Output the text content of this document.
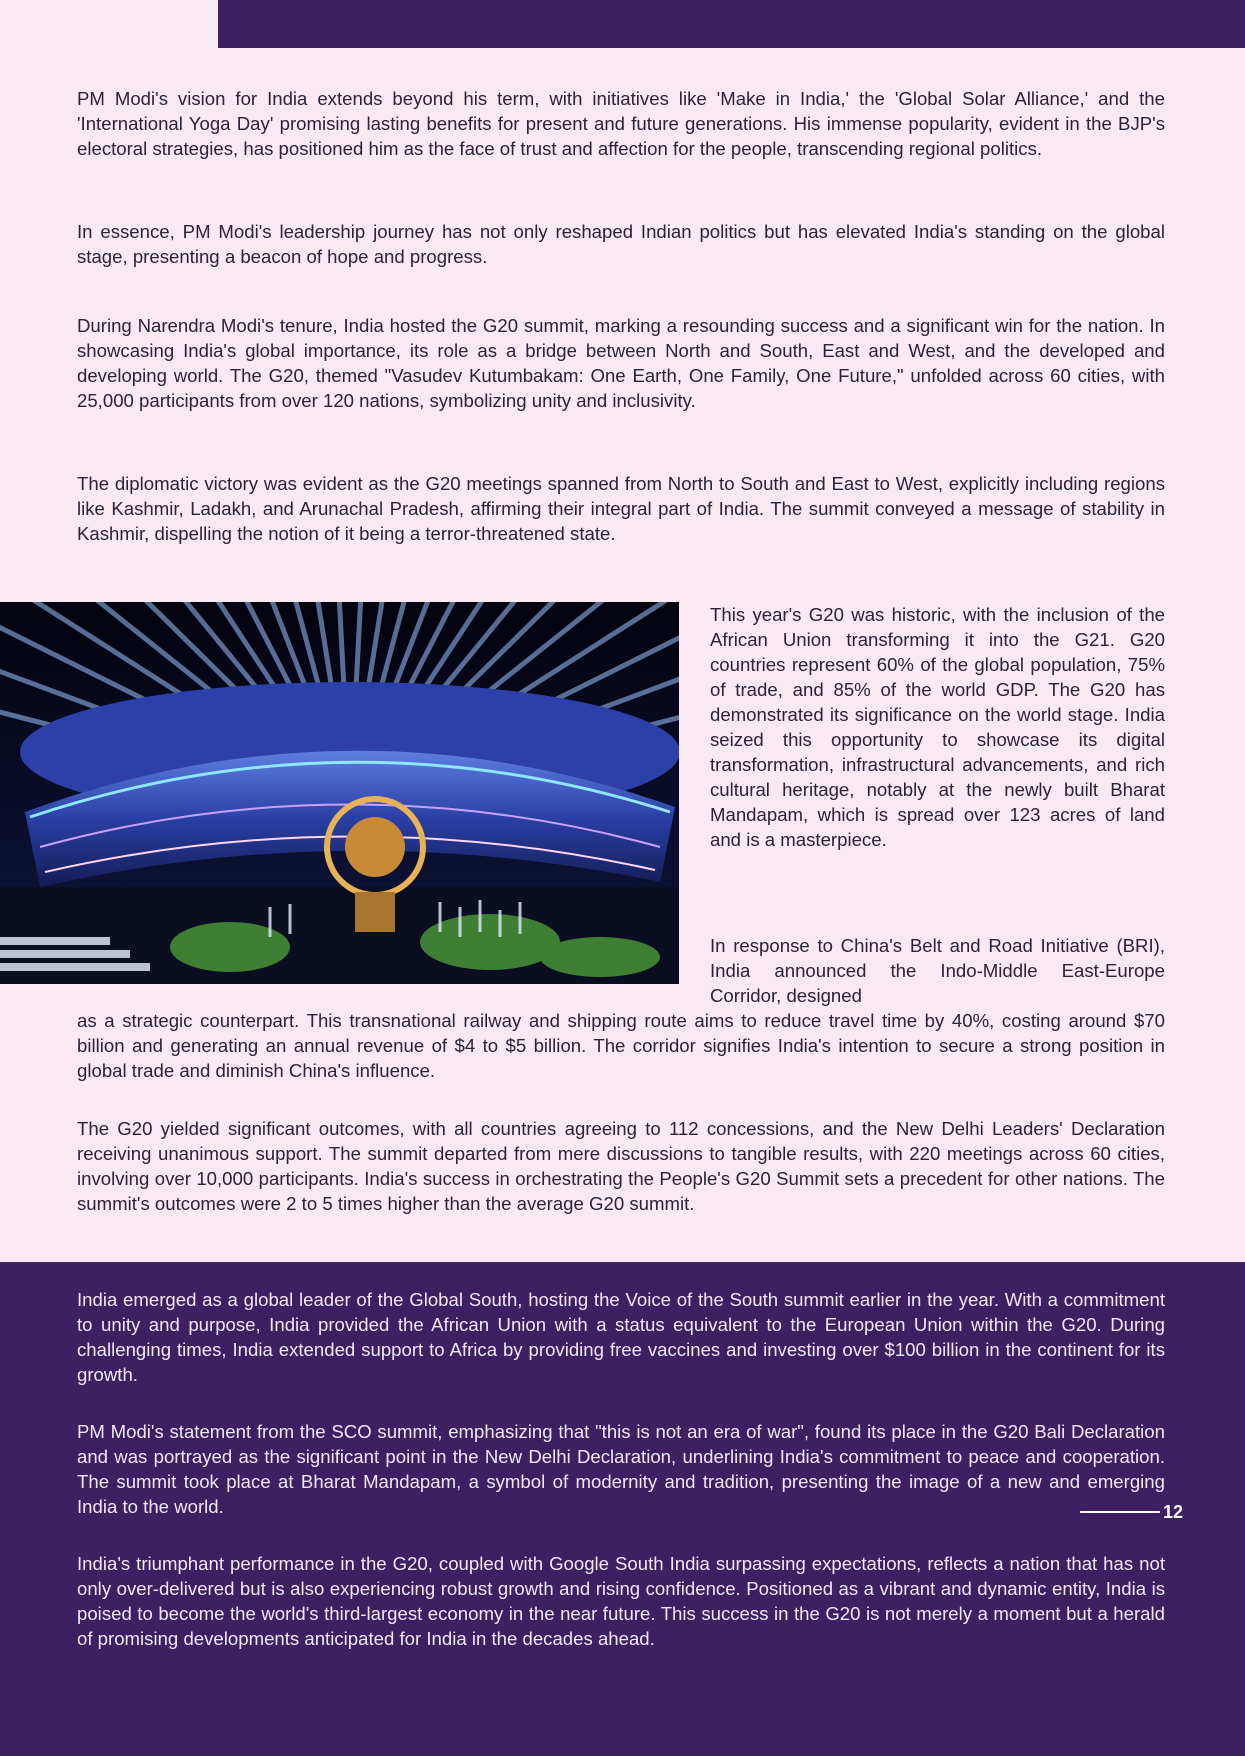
PM Modi's vision for India extends beyond his term, with initiatives like 'Make in India,' the 'Global Solar Alliance,' and the 'International Yoga Day' promising lasting benefits for present and future generations. His immense popularity, evident in the BJP's electoral strategies, has positioned him as the face of trust and affection for the people, transcending regional politics.

In essence, PM Modi's leadership journey has not only reshaped Indian politics but has elevated India's standing on the global stage, presenting a beacon of hope and progress.

During Narendra Modi's tenure, India hosted the G20 summit, marking a resounding success and a significant win for the nation. In showcasing India's global importance, its role as a bridge between North and South, East and West, and the developed and developing world. The G20, themed "Vasudev Kutumbakam: One Earth, One Family, One Future," unfolded across 60 cities, with 25,000 participants from over 120 nations, symbolizing unity and inclusivity.

The diplomatic victory was evident as the G20 meetings spanned from North to South and East to West, explicitly including regions like Kashmir, Ladakh, and Arunachal Pradesh, affirming their integral part of India. The summit conveyed a message of stability in Kashmir, dispelling the notion of it being a terror-threatened state.

This year's G20 was historic, with the inclusion of the African Union transforming it into the G21. G20 countries represent 60% of the global population, 75% of trade, and 85% of the world GDP. The G20 has demonstrated its significance on the world stage. India seized this opportunity to showcase its digital transformation, infrastructural advancements, and rich cultural heritage, notably at the newly built Bharat Mandapam, which is spread over 123 acres of land and is a masterpiece.

In response to China's Belt and Road Initiative (BRI), India announced the Indo-Middle East-Europe Corridor, designed

as a strategic counterpart. This transnational railway and shipping route aims to reduce travel time by 40%, costing around $70 billion and generating an annual revenue of $4 to $5 billion. The corridor signifies India's intention to secure a strong position in global trade and diminish China's influence.

The G20 yielded significant outcomes, with all countries agreeing to 112 concessions, and the New Delhi Leaders' Declaration receiving unanimous support. The summit departed from mere discussions to tangible results, with 220 meetings across 60 cities, involving over 10,000 participants. India's success in orchestrating the People's G20 Summit sets a precedent for other nations. The summit's outcomes were 2 to 5 times higher than the average G20 summit.

India emerged as a global leader of the Global South, hosting the Voice of the South summit earlier in the year. With a commitment to unity and purpose, India provided the African Union with a status equivalent to the European Union within the G20. During challenging times, India extended support to Africa by providing free vaccines and investing over $100 billion in the continent for its growth.

PM Modi's statement from the SCO summit, emphasizing that "this is not an era of war", found its place in the G20 Bali Declaration and was portrayed as the significant point in the New Delhi Declaration, underlining India's commitment to peace and cooperation. The summit took place at Bharat Mandapam, a symbol of modernity and tradition, presenting the image of a new and emerging India to the world.

India's triumphant performance in the G20, coupled with Google South India surpassing expectations, reflects a nation that has not only over-delivered but is also experiencing robust growth and rising confidence. Positioned as a vibrant and dynamic entity, India is poised to become the world's third-largest economy in the near future. This success in the G20 is not merely a moment but a herald of promising developments anticipated for India in the decades ahead.

12
